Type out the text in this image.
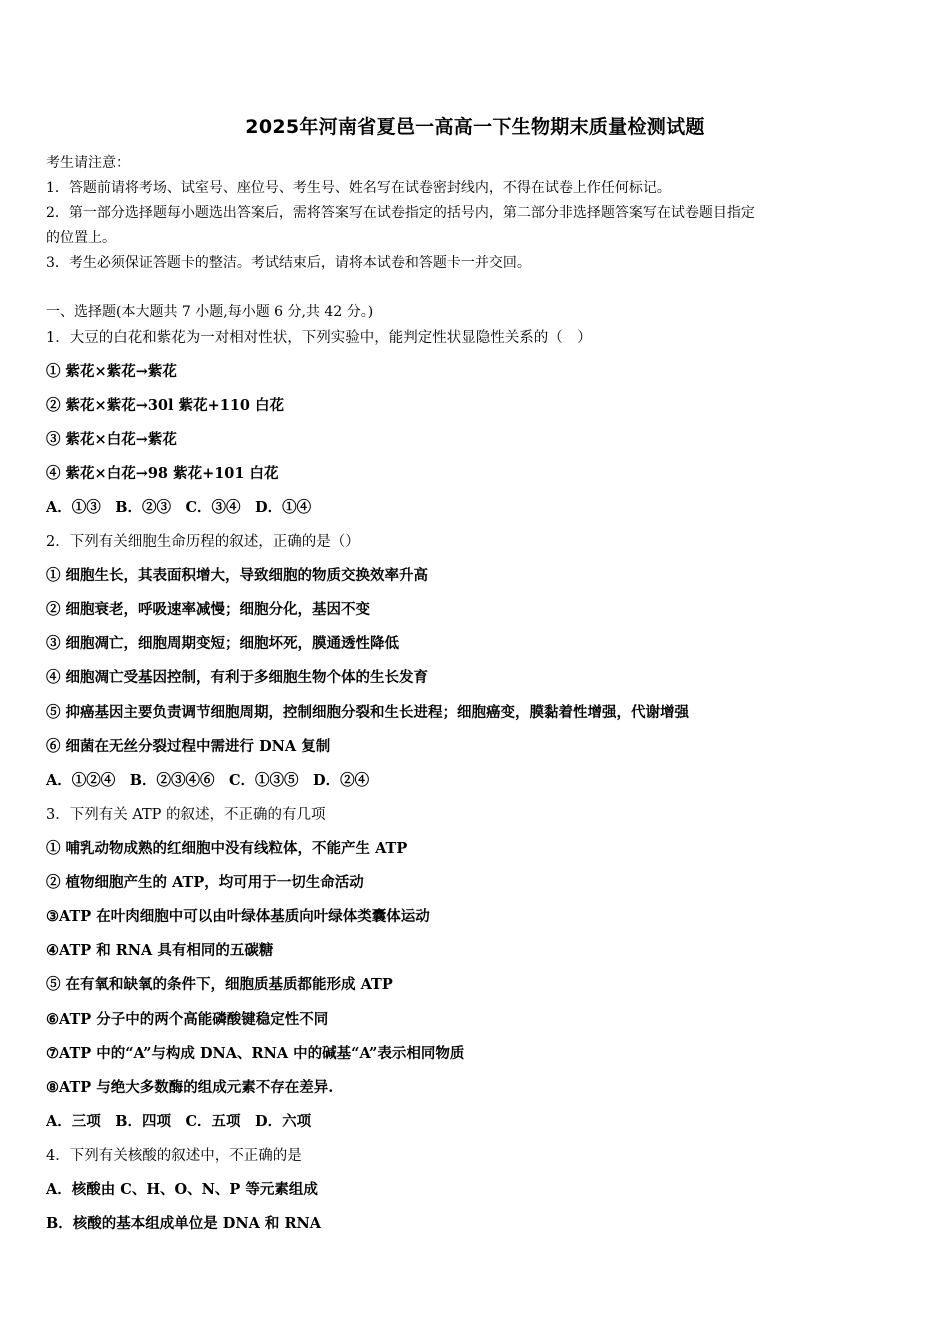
2025年河南省夏邑一高高一下生物期末质量检测试题

考生请注意：

1．答题前请将考场、试室号、座位号、考生号、姓名写在试卷密封线内，不得在试卷上作任何标记。

2．第一部分选择题每小题选出答案后，需将答案写在试卷指定的括号内，第二部分非选择题答案写在试卷题目指定

的位置上。

3．考生必须保证答题卡的整洁。考试结束后，请将本试卷和答题卡一并交回。

一、选择题(本大题共 7 小题,每小题 6 分,共 42 分。)
1．大豆的白花和紫花为一对相对性状，下列实验中，能判定性状显隐性关系的（　）
① 紫花×紫花→紫花
② 紫花×紫花→30l 紫花+110 白花
③ 紫花×白花→紫花
④ 紫花×白花→98 紫花+101 白花
A．①③　B．②③　C．③④　D．①④
2．下列有关细胞生命历程的叙述，正确的是（）
① 细胞生长，其表面积增大，导致细胞的物质交换效率升高
② 细胞衰老，呼吸速率减慢；细胞分化，基因不变
③ 细胞凋亡，细胞周期变短；细胞坏死，膜通透性降低
④ 细胞凋亡受基因控制，有利于多细胞生物个体的生长发育
⑤ 抑癌基因主要负责调节细胞周期，控制细胞分裂和生长进程；细胞癌变，膜黏着性增强，代谢增强
⑥ 细菌在无丝分裂过程中需进行 DNA 复制
A．①②④　B．②③④⑥　C．①③⑤　D．②④
3．下列有关 ATP 的叙述，不正确的有几项
① 哺乳动物成熟的红细胞中没有线粒体，不能产生 ATP
② 植物细胞产生的 ATP，均可用于一切生命活动
③ATP 在叶肉细胞中可以由叶绿体基质向叶绿体类囊体运动
④ATP 和 RNA 具有相同的五碳糖
⑤ 在有氧和缺氧的条件下，细胞质基质都能形成 ATP
⑥ATP 分子中的两个高能磷酸键稳定性不同
⑦ATP 中的“A”与构成 DNA、RNA 中的碱基“A”表示相同物质
⑧ATP 与绝大多数酶的组成元素不存在差异.
A．三项　B．四项　C．五项　D．六项
4．下列有关核酸的叙述中，不正确的是
A．核酸由 C、H、O、N、P 等元素组成
B．核酸的基本组成单位是 DNA 和 RNA
